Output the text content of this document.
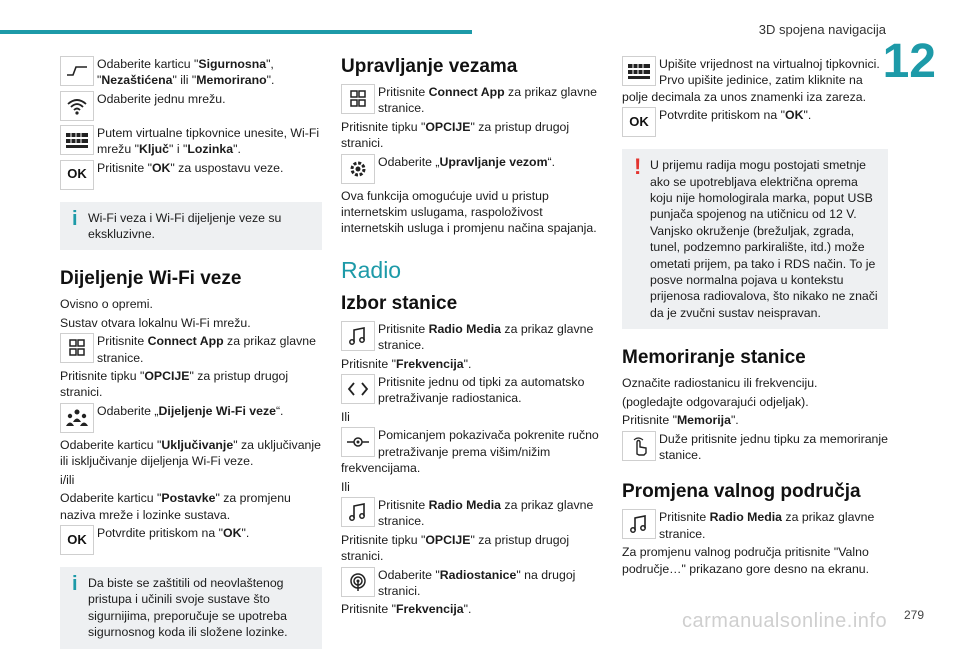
3D spojena navigacija
12
279
carmanualsonline.info
Odaberite karticu "Sigurnosna", "Nezaštićena" ili "Memorirano".
Odaberite jednu mrežu.
Putem virtualne tipkovnice unesite, Wi-Fi mrežu "Ključ" i "Lozinka".
OK Pritisnite "OK" za uspostavu veze.
i Wi-Fi veza i Wi-Fi dijeljenje veze su ekskluzivne.
Dijeljenje Wi-Fi veze
Ovisno o opremi.
Sustav otvara lokalnu Wi-Fi mrežu.
Pritisnite Connect App za prikaz glavne stranice.
Pritisnite tipku "OPCIJE" za pristup drugoj stranici.
Odaberite „Dijeljenje Wi-Fi veze“.
Odaberite karticu "Uključivanje" za uključivanje ili isključivanje dijeljenja Wi-Fi veze.
i/ili
Odaberite karticu "Postavke" za promjenu naziva mreže i lozinke sustava.
OK Potvrdite pritiskom na "OK".
i Da biste se zaštitili od neovlaštenog pristupa i učinili svoje sustave što sigurnijima, preporučuje se upotreba sigurnosnog koda ili složene lozinke.
Upravljanje vezama
Pritisnite Connect App za prikaz glavne stranice.
Pritisnite tipku "OPCIJE" za pristup drugoj stranici.
Odaberite „Upravljanje vezom“.
Ova funkcija omogućuje uvid u pristup internetskim uslugama, raspoloživost internetskih usluga i promjenu načina spajanja.
Radio
Izbor stanice
Pritisnite Radio Media za prikaz glavne stranice.
Pritisnite "Frekvencija".
Pritisnite jednu od tipki za automatsko pretraživanje radiostanica.
Ili
Pomicanjem pokazivača pokrenite ručno pretraživanje prema višim/nižim frekvencijama.
Ili
Pritisnite Radio Media za prikaz glavne stranice.
Pritisnite tipku "OPCIJE" za pristup drugoj stranici.
Odaberite "Radiostanice" na drugoj stranici.
Pritisnite "Frekvencija".
Upišite vrijednost na virtualnoj tipkovnici. Prvo upišite jedinice, zatim kliknite na polje decimala za unos znamenki iza zareza.
OK Potvrdite pritiskom na "OK".
! U prijemu radija mogu postojati smetnje ako se upotrebljava električna oprema koju nije homologirala marka, poput USB punjača spojenog na utičnicu od 12 V. Vanjsko okruženje (brežuljak, zgrada, tunel, podzemno parkiralište, itd.) može ometati prijem, pa tako i RDS način. To je posve normalna pojava u kontekstu prijenosa radiovalova, što nikako ne znači da je zvučni sustav neispravan.
Memoriranje stanice
Označite radiostanicu ili frekvenciju.
(pogledajte odgovarajući odjeljak).
Pritisnite "Memorija".
Duže pritisnite jednu tipku za memoriranje stanice.
Promjena valnog područja
Pritisnite Radio Media za prikaz glavne stranice.
Za promjenu valnog područja pritisnite "Valno područje…" prikazano gore desno na ekranu.
